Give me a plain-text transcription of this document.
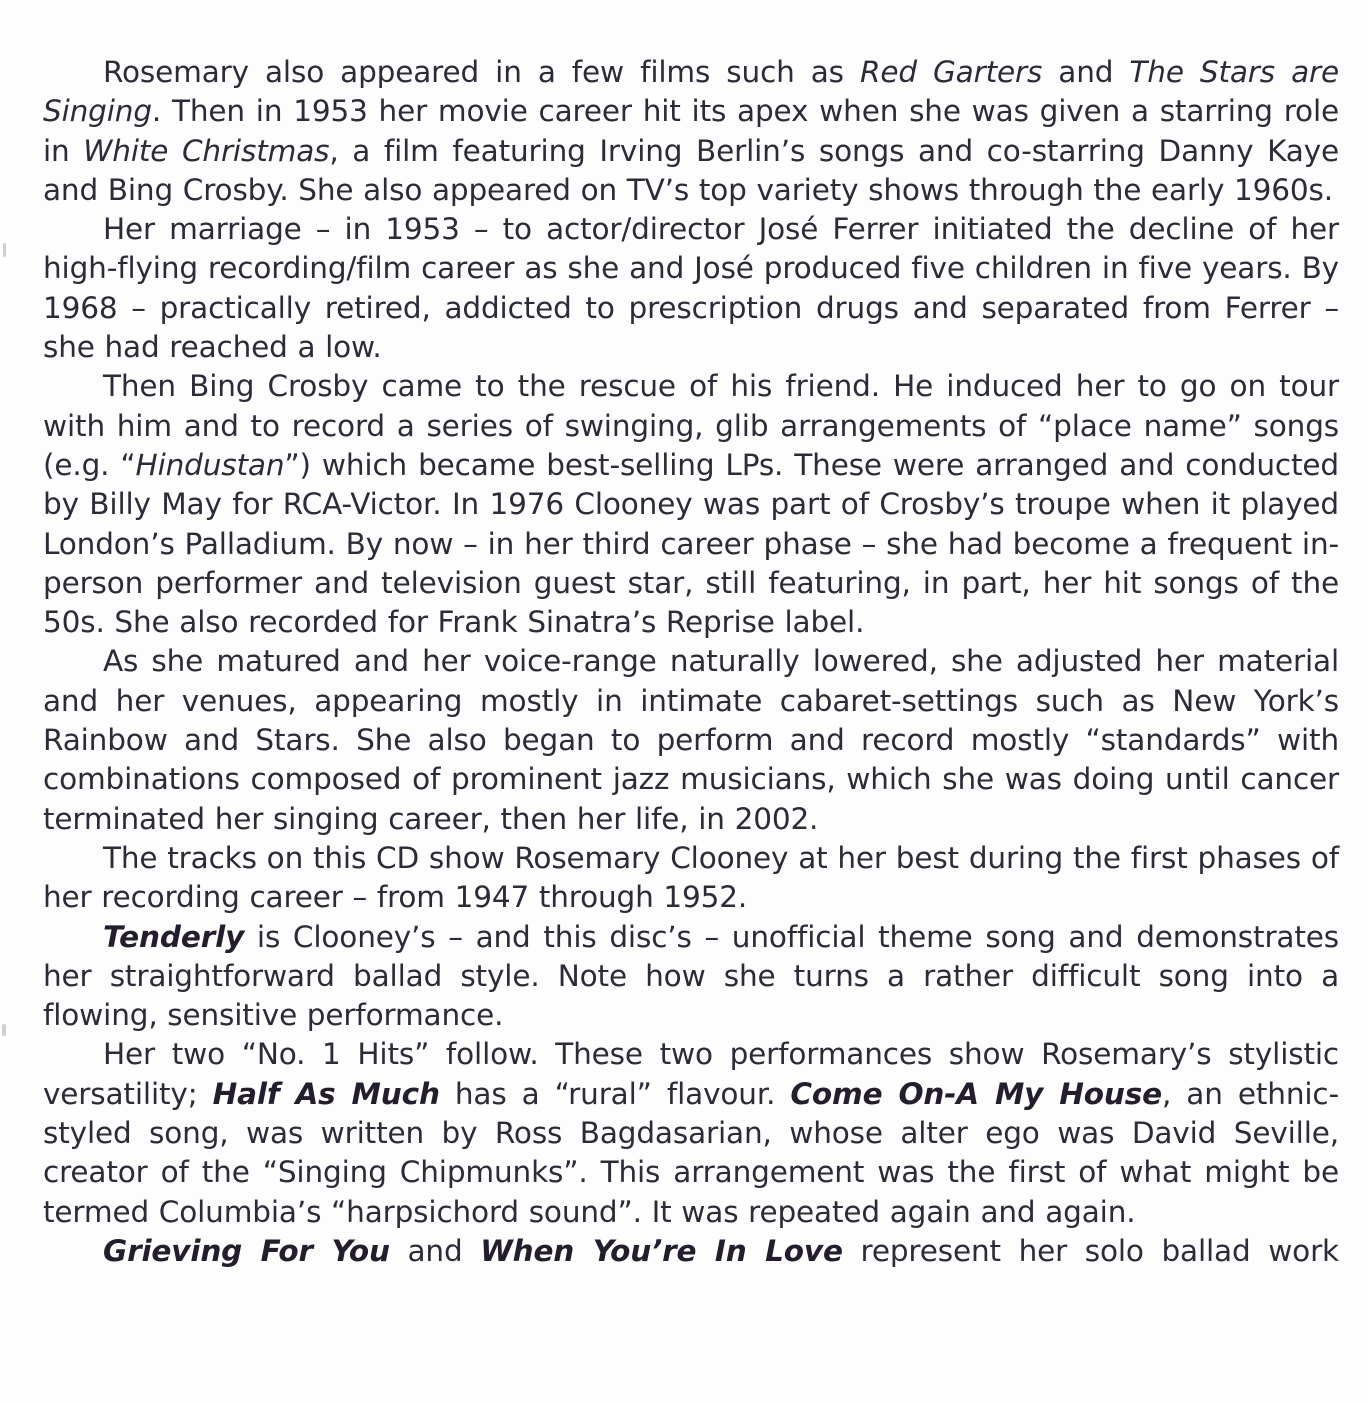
Rosemary also appeared in a few films such as Red Garters and The Stars are Singing. Then in 1953 her movie career hit its apex when she was given a starring role in White Christmas, a film featuring Irving Berlin’s songs and co-starring Danny Kaye and Bing Crosby. She also appeared on TV’s top variety shows through the early 1960s.

Her marriage – in 1953 – to actor/director José Ferrer initiated the decline of her high-flying recording/film career as she and José produced five children in five years. By 1968 – practically retired, addicted to prescription drugs and separated from Ferrer – she had reached a low.

Then Bing Crosby came to the rescue of his friend. He induced her to go on tour with him and to record a series of swinging, glib arrangements of “place name” songs (e.g. “Hindustan”) which became best-selling LPs. These were arranged and conducted by Billy May for RCA-Victor. In 1976 Clooney was part of Crosby’s troupe when it played London’s Palladium. By now – in her third career phase – she had become a frequent in-person performer and television guest star, still featuring, in part, her hit songs of the 50s. She also recorded for Frank Sinatra’s Reprise label.

As she matured and her voice-range naturally lowered, she adjusted her material and her venues, appearing mostly in intimate cabaret-settings such as New York’s Rainbow and Stars. She also began to perform and record mostly “standards” with combinations composed of prominent jazz musicians, which she was doing until cancer terminated her singing career, then her life, in 2002.

The tracks on this CD show Rosemary Clooney at her best during the first phases of her recording career – from 1947 through 1952.

Tenderly is Clooney’s – and this disc’s – unofficial theme song and demonstrates her straightforward ballad style. Note how she turns a rather difficult song into a flowing, sensitive performance.

Her two “No. 1 Hits” follow. These two performances show Rosemary’s stylistic versatility; Half As Much has a “rural” flavour. Come On-A My House, an ethnic-styled song, was written by Ross Bagdasarian, whose alter ego was David Seville, creator of the “Singing Chipmunks”. This arrangement was the first of what might be termed Columbia’s “harpsichord sound”. It was repeated again and again.

Grieving For You and When You’re In Love represent her solo ballad work
